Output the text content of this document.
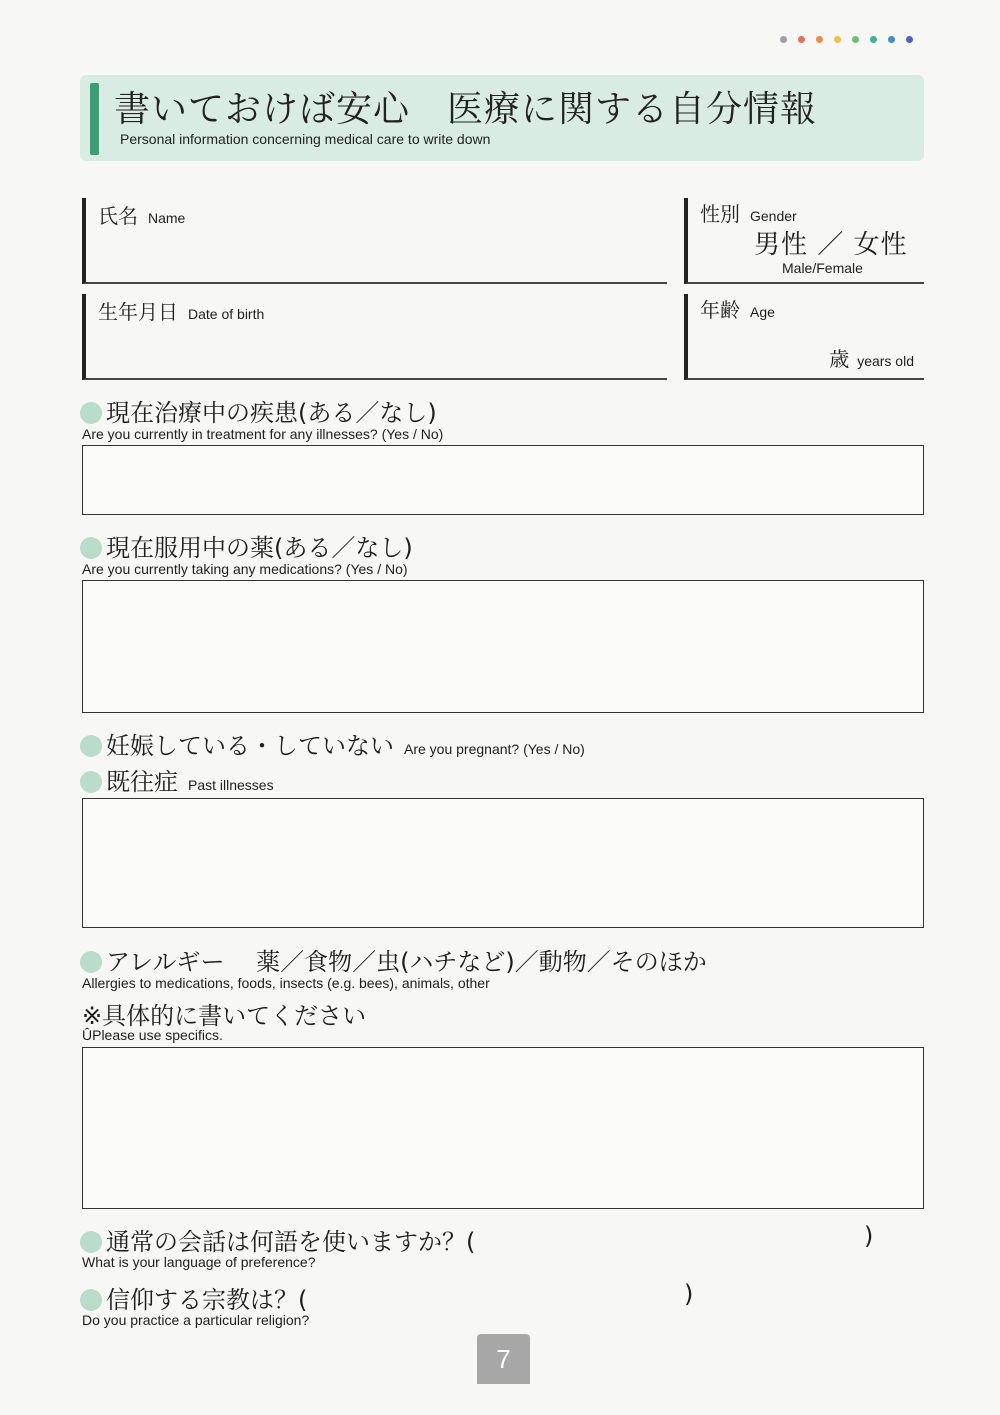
書いておけば安心　医療に関する自分情報
Personal information concerning medical care to write down
氏名 Name	性別 Gender
男性 ／ 女性
Male/Female
生年月日 Date of birth	年齢 Age
歳 years old
現在治療中の疾患(ある／なし)
Are you currently in treatment for any illnesses? (Yes / No)
現在服用中の薬(ある／なし)
Are you currently taking any medications? (Yes / No)
妊娠している・していない Are you pregnant? (Yes / No)
既往症 Past illnesses
アレルギー　 薬／食物／虫(ハチなど)／動物／そのほか
Allergies to medications, foods, insects (e.g. bees), animals, other
※具体的に書いてください
ÛPlease use specifics.
通常の会話は何語を使いますか？(	)
What is your language of preference?
信仰する宗教は？(	)
Do you practice a particular religion?
7
